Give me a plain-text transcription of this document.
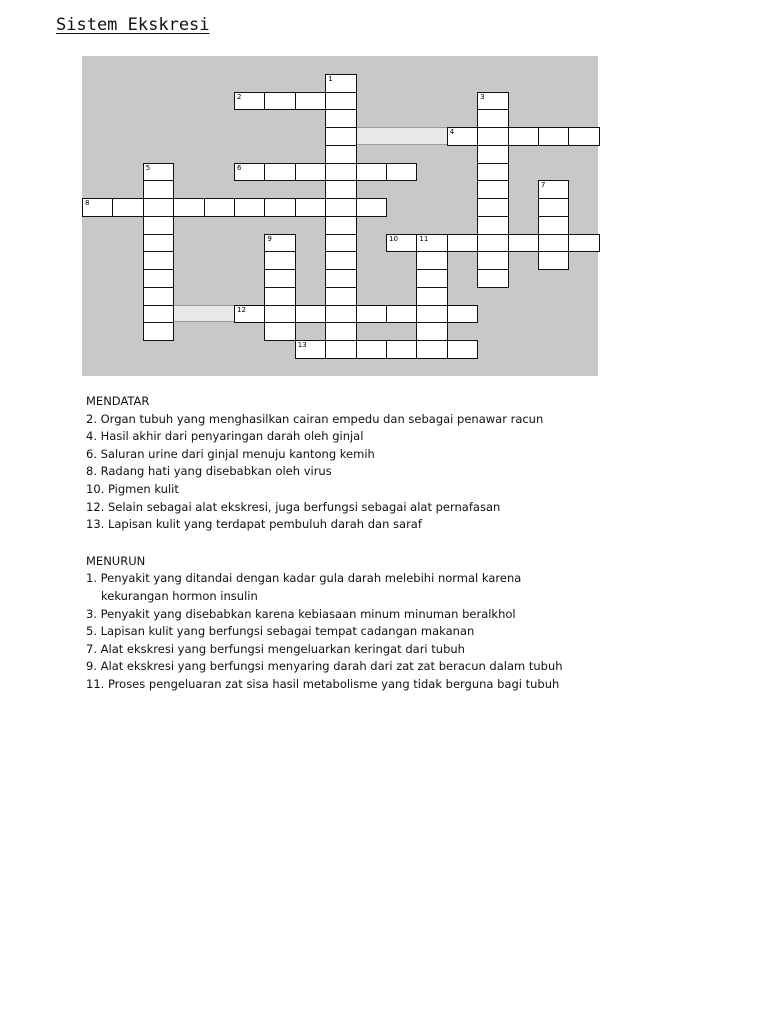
Sistem Ekskresi
2
4
6
8
10	11
12
13
1
3
5
7
9
MENDATAR
2. Organ tubuh yang menghasilkan cairan empedu dan sebagai penawar racun
4. Hasil akhir dari penyaringan darah oleh ginjal
6. Saluran urine dari ginjal menuju kantong kemih
8. Radang hati yang disebabkan oleh virus
10. Pigmen kulit
12. Selain sebagai alat ekskresi, juga berfungsi sebagai alat pernafasan
13. Lapisan kulit yang terdapat pembuluh darah dan saraf
MENURUN
1. Penyakit yang ditandai dengan kadar gula darah melebihi normal karena
kekurangan hormon insulin
3. Penyakit yang disebabkan karena kebiasaan minum minuman beralkhol
5. Lapisan kulit yang berfungsi sebagai tempat cadangan makanan
7. Alat ekskresi yang berfungsi mengeluarkan keringat dari tubuh
9. Alat ekskresi yang berfungsi menyaring darah dari zat zat beracun dalam tubuh
11. Proses pengeluaran zat sisa hasil metabolisme yang tidak berguna bagi tubuh
